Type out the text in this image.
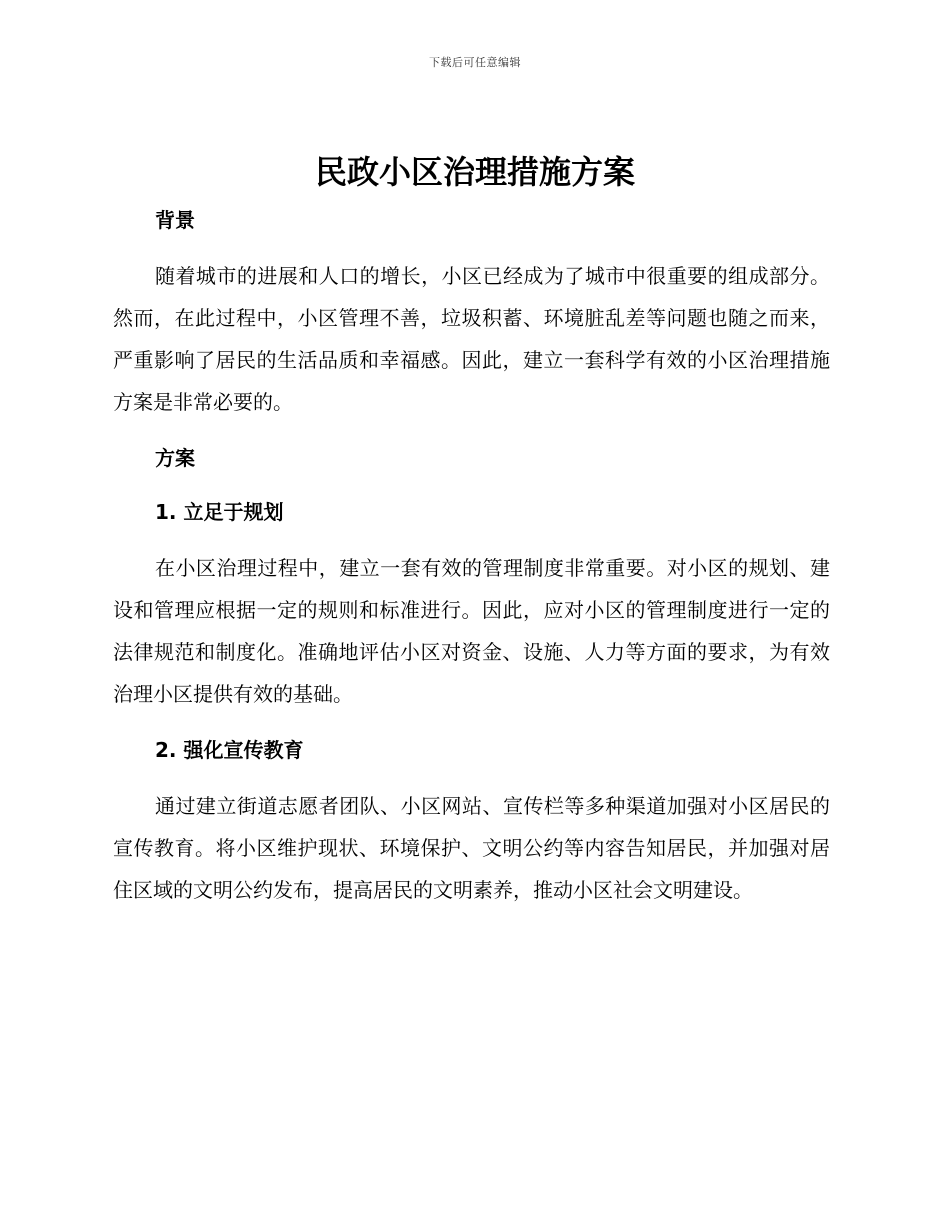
下载后可任意编辑
民政小区治理措施方案
背景

随着城市的进展和人口的增长，小区已经成为了城市中很重要的组成部分。然而，在此过程中，小区管理不善，垃圾积蓄、环境脏乱差等问题也随之而来，严重影响了居民的生活品质和幸福感。因此，建立一套科学有效的小区治理措施方案是非常必要的。

方案
1. 立足于规划

在小区治理过程中，建立一套有效的管理制度非常重要。对小区的规划、建设和管理应根据一定的规则和标准进行。因此，应对小区的管理制度进行一定的法律规范和制度化。准确地评估小区对资金、设施、人力等方面的要求，为有效治理小区提供有效的基础。

2. 强化宣传教育

通过建立街道志愿者团队、小区网站、宣传栏等多种渠道加强对小区居民的宣传教育。将小区维护现状、环境保护、文明公约等内容告知居民，并加强对居住区域的文明公约发布，提高居民的文明素养，推动小区社会文明建设。
